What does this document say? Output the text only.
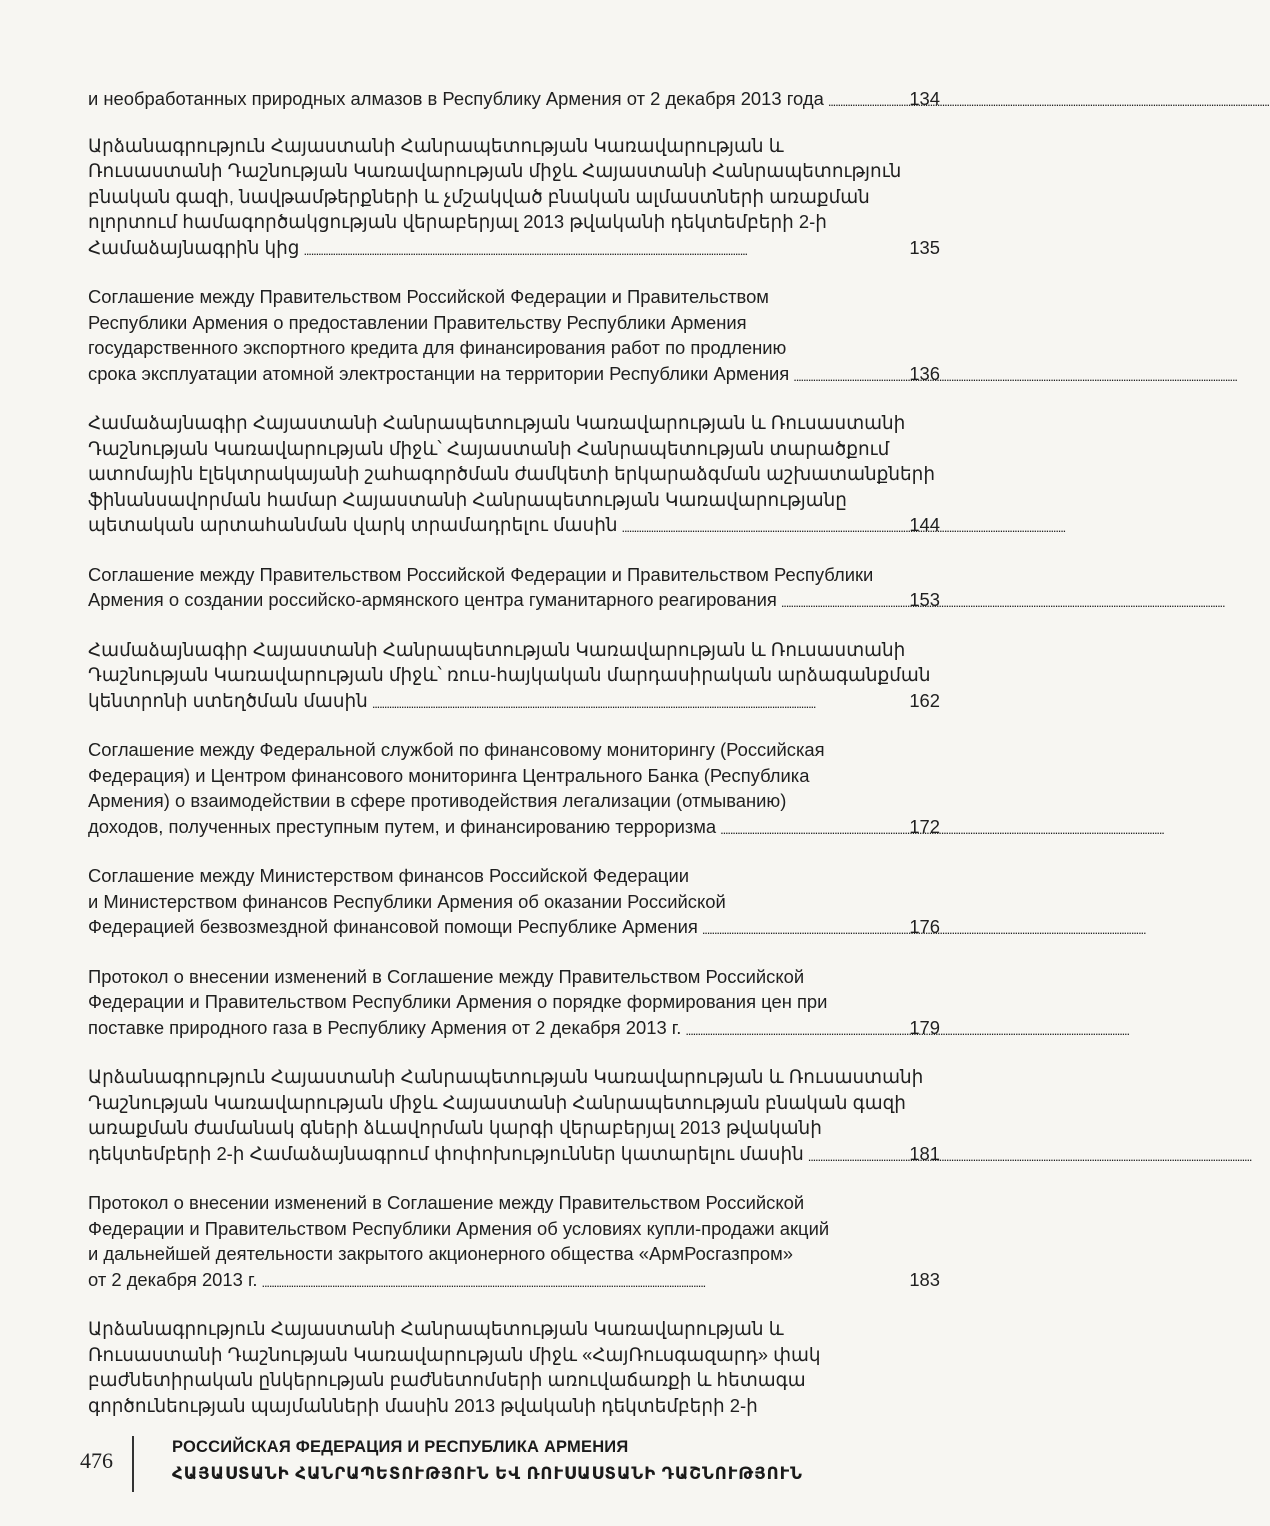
и необработанных природных алмазов в Республику Армения от 2 декабря 2013 года . . .	134
Արձանագրություն Հայաստանի Հանրապետության Կառավարության և
Ռուսաստանի Դաշնության Կառավարության միջև Հայաստանի Հանրապետություն
բնական գազի, նավթամթերքների և չմշակված բնական ալմաստների առաքման
ոլորտում համագործակցության վերաբերյալ 2013 թվականի դեկտեմբերի 2-ի
Համաձայնագրին կից . . .	135
Соглашение между Правительством Российской Федерации и Правительством
Республики Армения о предоставлении Правительству Республики Армения
государственного экспортного кредита для финансирования работ по продлению
срока эксплуатации атомной электростанции на территории Республики Армения . . .	136
Համաձայնագիր Հայաստանի Հանրապետության Կառավարության և Ռուսաստանի
Դաշնության Կառավարության միջև՝ Հայաստանի Հանրապետության տարածքում
ատոմային էլեկտրակայանի շահագործման ժամկետի երկարաձգման աշխատանքների
ֆինանսավորման համար Հայաստանի Հանրապետության Կառավարությանը
պետական արտահանման վարկ տրամադրելու մասին . . .	144
Соглашение между Правительством Российской Федерации и Правительством Республики
Армения о создании российско-армянского центра гуманитарного реагирования . . .	153
Համաձայնագիր Հայաստանի Հանրապետության Կառավարության և Ռուսաստանի
Դաշնության Կառավարության միջև՝ ռուս-հայկական մարդասիրական արձագանքման
կենտրոնի ստեղծման մասին . . .	162
Соглашение между Федеральной службой по финансовому мониторингу (Российская
Федерация) и Центром финансового мониторинга Центрального Банка (Республика
Армения) о взаимодействии в сфере противодействия легализации (отмыванию)
доходов, полученных преступным путем, и финансированию терроризма . . .	172
Соглашение между Министерством финансов Российской Федерации
и Министерством финансов Республики Армения об оказании Российской
Федерацией безвозмездной финансовой помощи Республике Армения . . .	176
Протокол о внесении изменений в Соглашение между Правительством Российской
Федерации и Правительством Республики Армения о порядке формирования цен при
поставке природного газа в Республику Армения от 2 декабря 2013 г. . . .	179
Արձանագրություն Հայաստանի Հանրապետության Կառավարության և Ռուսաստանի
Դաշնության Կառավարության միջև Հայաստանի Հանրապետության բնական գազի
առաքման ժամանակ գների ձևավորման կարգի վերաբերյալ 2013 թվականի
դեկտեմբերի 2-ի Համաձայնագրում փոփոխություններ կատարելու մասին . . .	181
Протокол о внесении изменений в Соглашение между Правительством Российской
Федерации и Правительством Республики Армения об условиях купли-продажи акций
и дальнейшей деятельности закрытого акционерного общества «АрмРосгазпром»
от 2 декабря 2013 г. . . .	183
Արձանագրություն Հայաստանի Հանրապետության Կառավարության և
Ռուսաստանի Դաշնության Կառավարության միջև «ՀայՌուսգազարդ» փակ
բաժնետիրական ընկերության բաժնետոմսերի առուվաճառքի և հետագա
գործունեության պայմանների մասին 2013 թվականի դեկտեմբերի 2-ի
476
РОССИЙСКАЯ ФЕДЕРАЦИЯ И РЕСПУБЛИКА АРМЕНИЯ
ՀԱՅԱՍՏԱՆԻ ՀԱՆՐԱՊԵՏՈՒԹՅՈՒՆ ԵՎ ՌՈՒՍԱՍՏԱՆԻ ԴԱՇՆՈՒԹՅՈՒՆ
